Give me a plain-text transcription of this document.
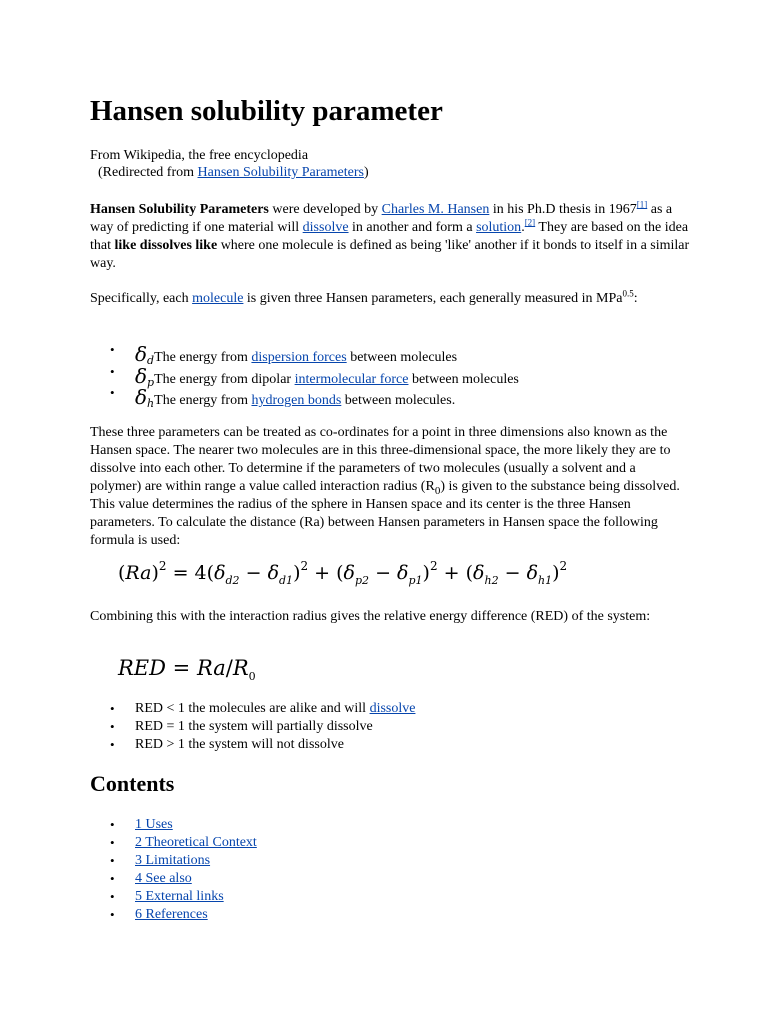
Hansen solubility parameter
From Wikipedia, the free encyclopedia
(Redirected from Hansen Solubility Parameters)

Hansen Solubility Parameters were developed by Charles M. Hansen in his Ph.D thesis in 1967[1] as a way of predicting if one material will dissolve in another and form a solution.[2] They are based on the idea that like dissolves like where one molecule is defined as being 'like' another if it bonds to itself in a similar way.

Specifically, each molecule is given three Hansen parameters, each generally measured in MPa$^{0.5}$:

• $\delta_dThe$ energy from dispersion forces between molecules
• $\delta_pThe$ energy from dipolar intermolecular force between molecules
• $\delta_hThe$ energy from hydrogen bonds between molecules.

These three parameters can be treated as co-ordinates for a point in three dimensions also known as the Hansen space. The nearer two molecules are in this three-dimensional space, the more likely they are to dissolve into each other. To determine if the parameters of two molecules (usually a solvent and a polymer) are within range a value called interaction radius $(R_0)$ is given to the substance being dissolved. This value determines the radius of the sphere in Hansen space and its center is the three Hansen parameters. To calculate the distance (Ra) between Hansen parameters in Hansen space the following formula is used:

$(Ra)^2 = 4(\delta_{d2} - \delta_{d1})^2 + (\delta_{p2} - \delta_{p1})^2 + (\delta_{h2} - \delta_{h1})^2$

Combining this with the interaction radius gives the relative energy difference (RED) of the system:

RED = $Ra/R_0$
• RED < 1 the molecules are alike and will dissolve
• RED = 1 the system will partially dissolve
• RED > 1 the system will not dissolve
Contents
• 1 Uses
• 2 Theoretical Context
• 3 Limitations
• 4 See also
• 5 External links
• 6 References
